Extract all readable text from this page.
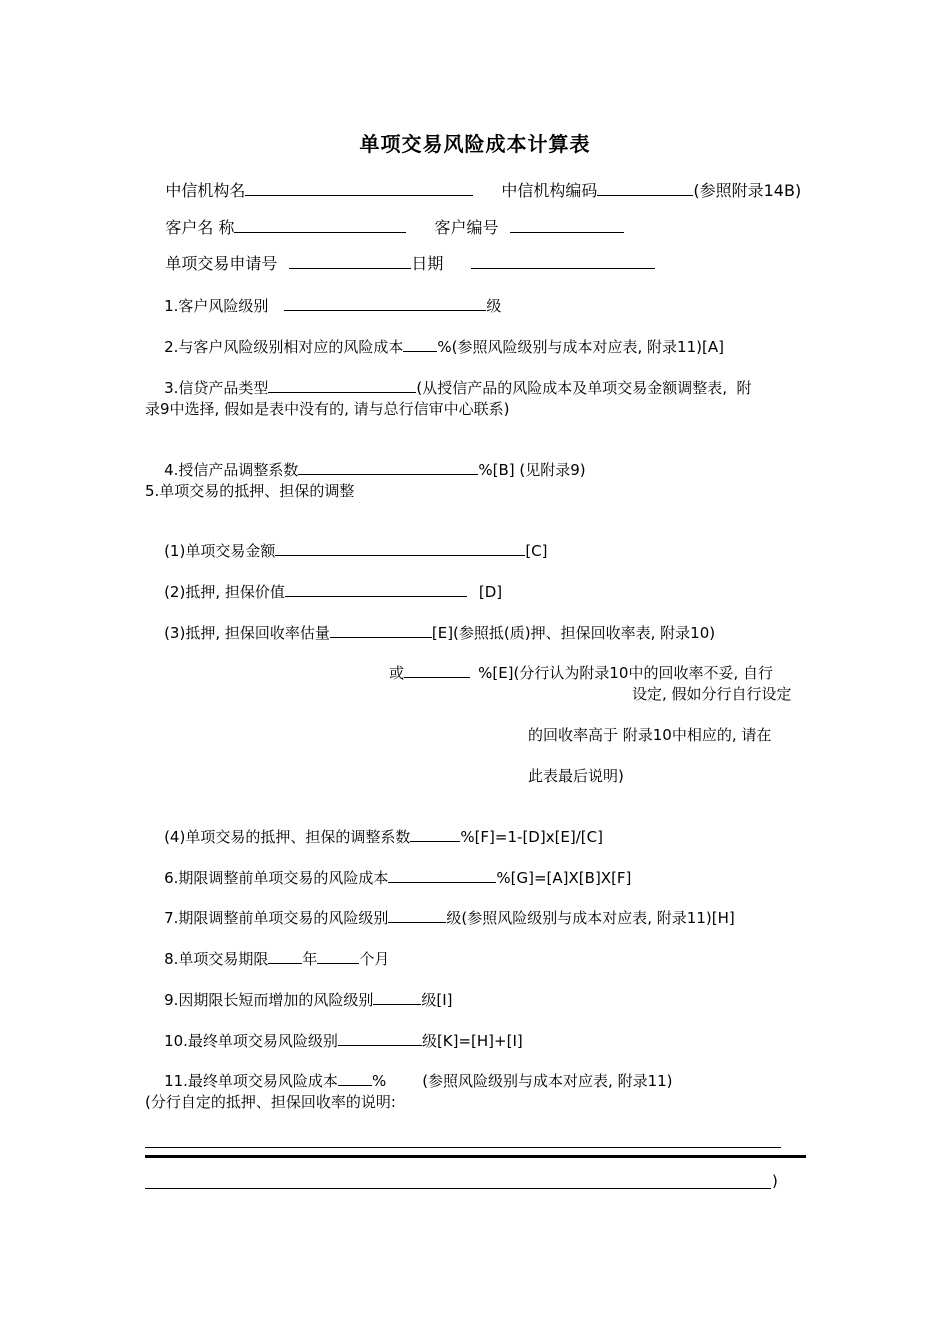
单项交易风险成本计算表

中信机构名	中信机构编码	(参照附录14B)

客户名 称	客户编号

单项交易申请号	日期

1.客户风险级别	级

2.与客户风险级别相对应的风险成本 %(参照风险级别与成本对应表, 附录11)[A]

3.信贷产品类型	(从授信产品的风险成本及单项交易金额调整表,  附

录9中选择, 假如是表中没有的, 请与总行信审中心联系)

4.授信产品调整系数	%[B] (见附录9)

5.单项交易的抵押、担保的调整

(1)单项交易金额	[C]

(2)抵押, 担保价值	[D]

(3)抵押, 担保回收率估量	[E](参照抵(质)押、担保回收率表, 附录10)

或	%[E](分行认为附录10中的回收率不妥, 自行

设定, 假如分行自行设定
的回收率高于 附录10中相应的, 请在
此表最后说明)

(4)单项交易的抵押、担保的调整系数	%[F]=1-[D]x[E]/[C]

6.期限调整前单项交易的风险成本	%[G]=[A]X[B]X[F]

7.期限调整前单项交易的风险级别	级(参照风险级别与成本对应表, 附录11)[H]

8.单项交易期限 年	个月

9.因期限长短而增加的风险级别	级[I]

10.最终单项交易风险级别	级[K]=[H]+[I]

11.最终单项交易风险成本 % (参照风险级别与成本对应表, 附录11)

(分行自定的抵押、担保回收率的说明:
)
